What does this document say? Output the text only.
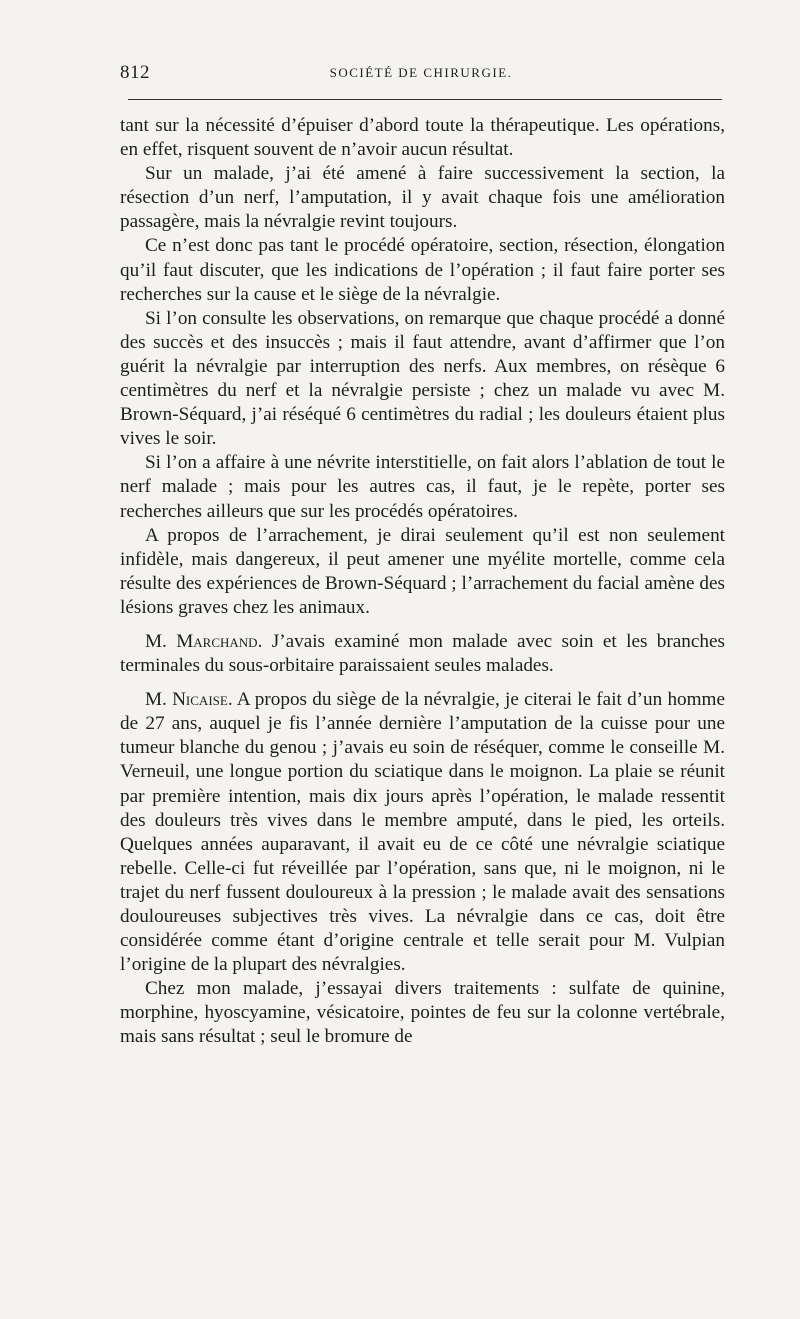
812	SOCIÉTÉ DE CHIRURGIE.

tant sur la nécessité d’épuiser d’abord toute la thérapeutique. Les opérations, en effet, risquent souvent de n’avoir aucun résultat.

Sur un malade, j’ai été amené à faire successivement la section, la résection d’un nerf, l’amputation, il y avait chaque fois une amélioration passagère, mais la névralgie revint toujours.

Ce n’est donc pas tant le procédé opératoire, section, résection, élongation qu’il faut discuter, que les indications de l’opération ; il faut faire porter ses recherches sur la cause et le siège de la névralgie.

Si l’on consulte les observations, on remarque que chaque procédé a donné des succès et des insuccès ; mais il faut attendre, avant d’affirmer que l’on guérit la névralgie par interruption des nerfs. Aux membres, on résèque 6 centimètres du nerf et la névralgie persiste ; chez un malade vu avec M. Brown-Séquard, j’ai réséqué 6 centimètres du radial ; les douleurs étaient plus vives le soir.

Si l’on a affaire à une névrite interstitielle, on fait alors l’ablation de tout le nerf malade ; mais pour les autres cas, il faut, je le repète, porter ses recherches ailleurs que sur les procédés opératoires.

A propos de l’arrachement, je dirai seulement qu’il est non seulement infidèle, mais dangereux, il peut amener une myélite mortelle, comme cela résulte des expériences de Brown-Séquard ; l’arrachement du facial amène des lésions graves chez les animaux.

M. Marchand. J’avais examiné mon malade avec soin et les branches terminales du sous-orbitaire paraissaient seules malades.

M. Nicaise. A propos du siège de la névralgie, je citerai le fait d’un homme de 27 ans, auquel je fis l’année dernière l’amputation de la cuisse pour une tumeur blanche du genou ; j’avais eu soin de réséquer, comme le conseille M. Verneuil, une longue portion du sciatique dans le moignon. La plaie se réunit par première intention, mais dix jours après l’opération, le malade ressentit des douleurs très vives dans le membre amputé, dans le pied, les orteils. Quelques années auparavant, il avait eu de ce côté une névralgie sciatique rebelle. Celle-ci fut réveillée par l’opération, sans que, ni le moignon, ni le trajet du nerf fussent douloureux à la pression ; le malade avait des sensations douloureuses subjectives très vives. La névralgie dans ce cas, doit être considérée comme étant d’origine centrale et telle serait pour M. Vulpian l’origine de la plupart des névralgies.

Chez mon malade, j’essayai divers traitements : sulfate de quinine, morphine, hyoscyamine, vésicatoire, pointes de feu sur la colonne vertébrale, mais sans résultat ; seul le bromure de
